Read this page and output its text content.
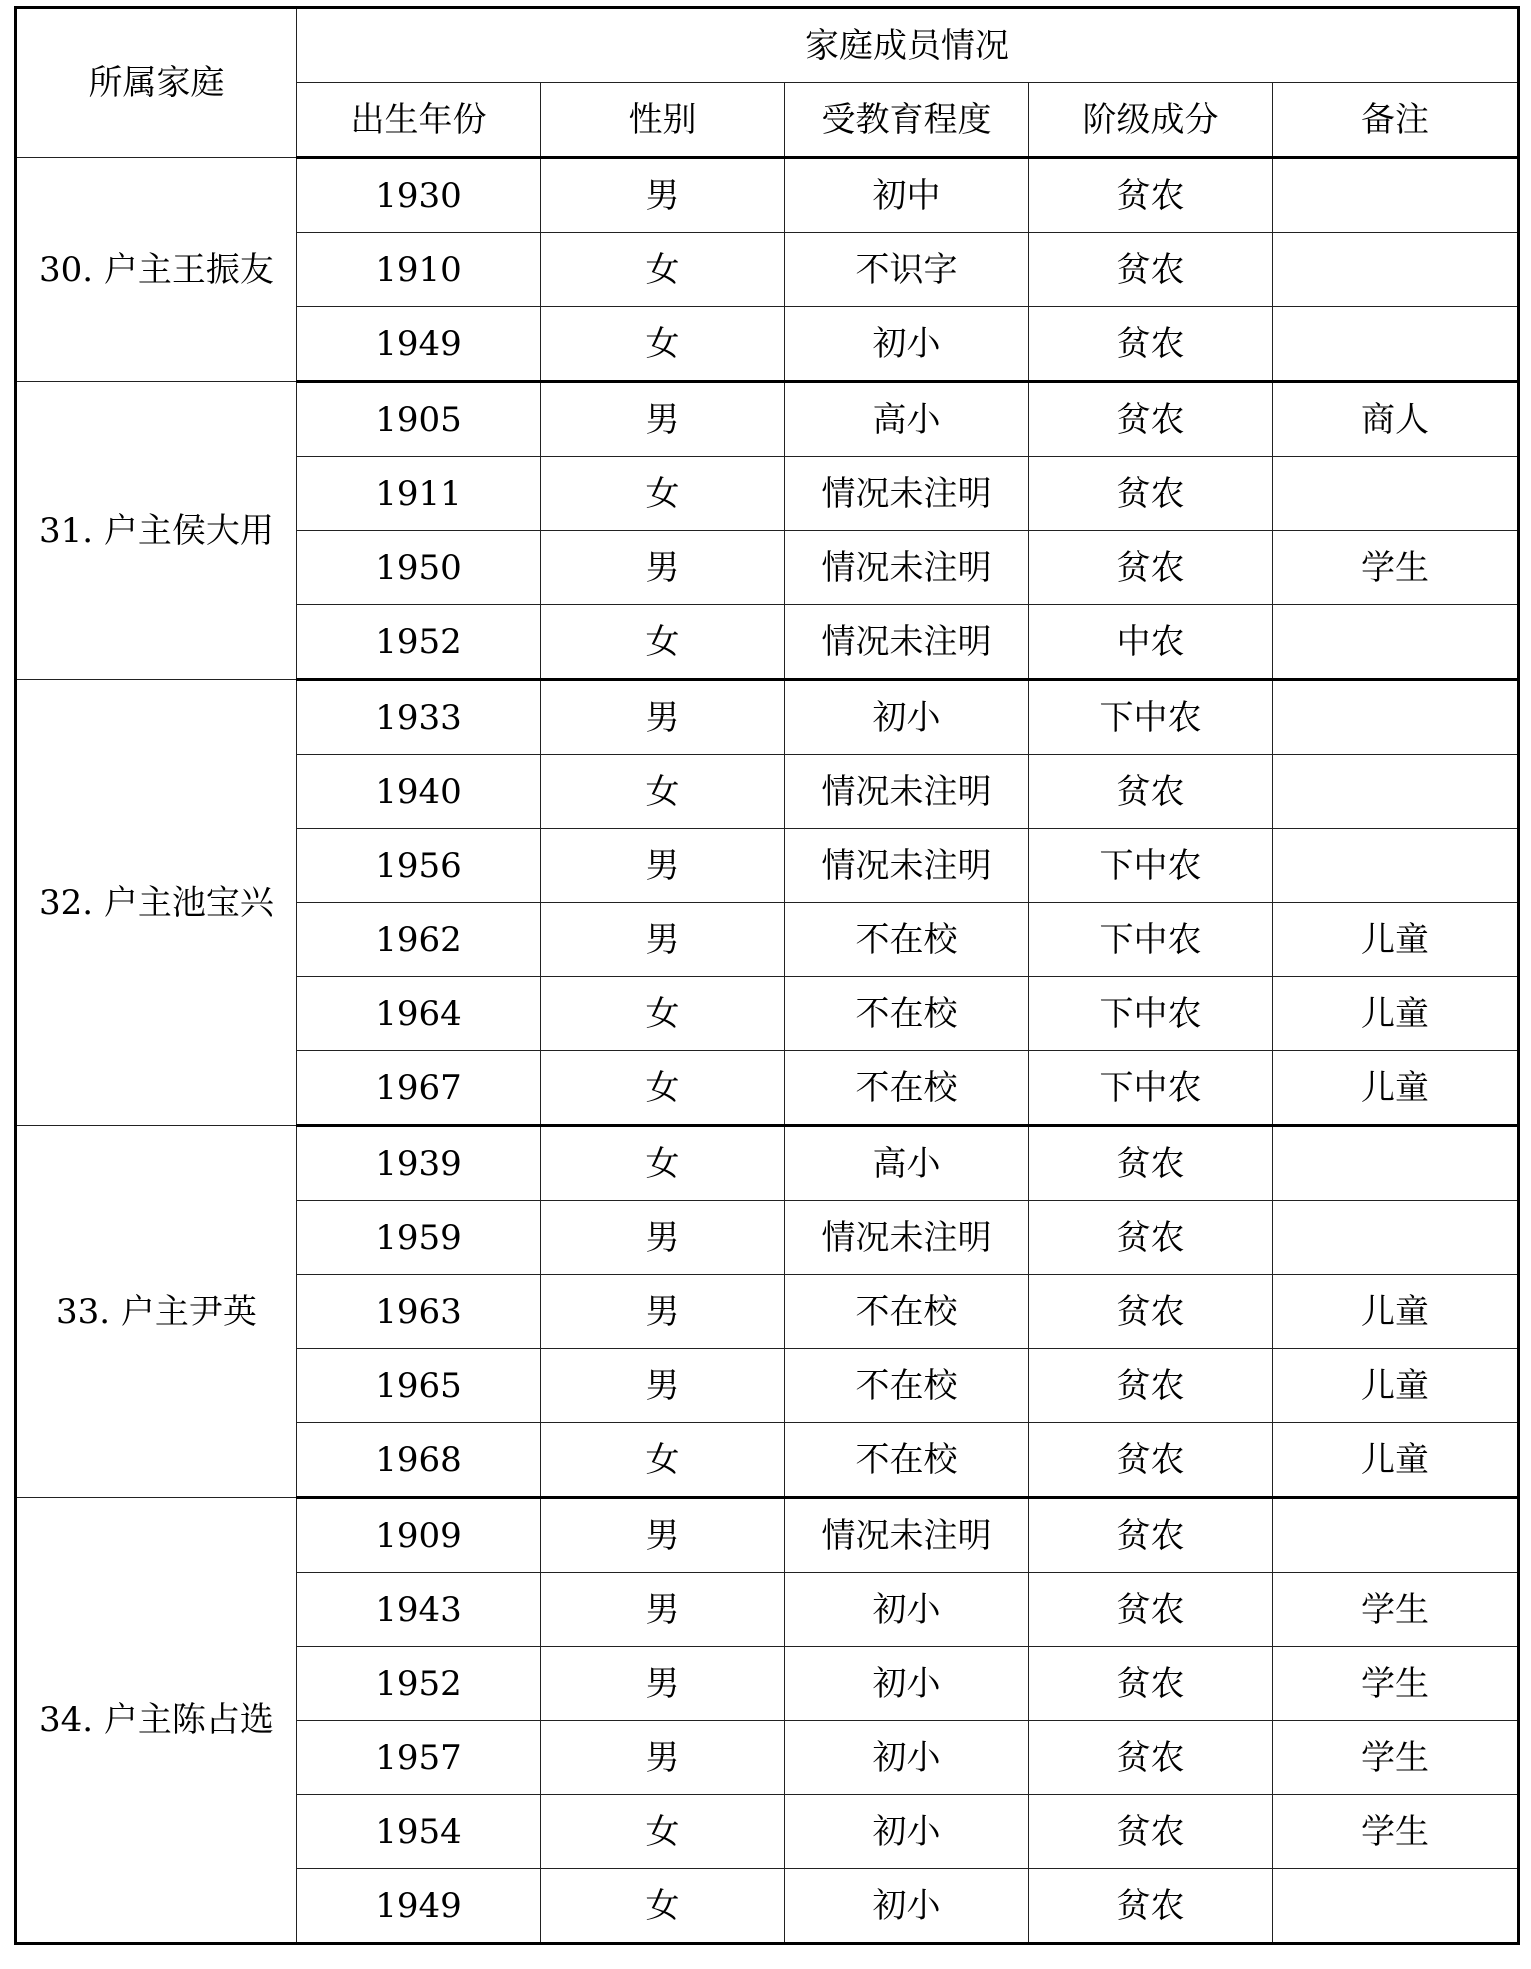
所属家庭	家庭成员情况				
	出生年份	性别	受教育程度	阶级成分	备注
30. 户主王振友	1930	男	初中	贫农	
	1910	女	不识字	贫农	
	1949	女	初小	贫农	
31. 户主侯大用	1905	男	高小	贫农	商人
	1911	女	情况未注明	贫农	
	1950	男	情况未注明	贫农	学生
	1952	女	情况未注明	中农	
32. 户主池宝兴	1933	男	初小	下中农	
	1940	女	情况未注明	贫农	
	1956	男	情况未注明	下中农	
	1962	男	不在校	下中农	儿童
	1964	女	不在校	下中农	儿童
	1967	女	不在校	下中农	儿童
33. 户主尹英	1939	女	高小	贫农	
	1959	男	情况未注明	贫农	
	1963	男	不在校	贫农	儿童
	1965	男	不在校	贫农	儿童
	1968	女	不在校	贫农	儿童
34. 户主陈占选	1909	男	情况未注明	贫农	
	1943	男	初小	贫农	学生
	1952	男	初小	贫农	学生
	1957	男	初小	贫农	学生
	1954	女	初小	贫农	学生
	1949	女	初小	贫农	
